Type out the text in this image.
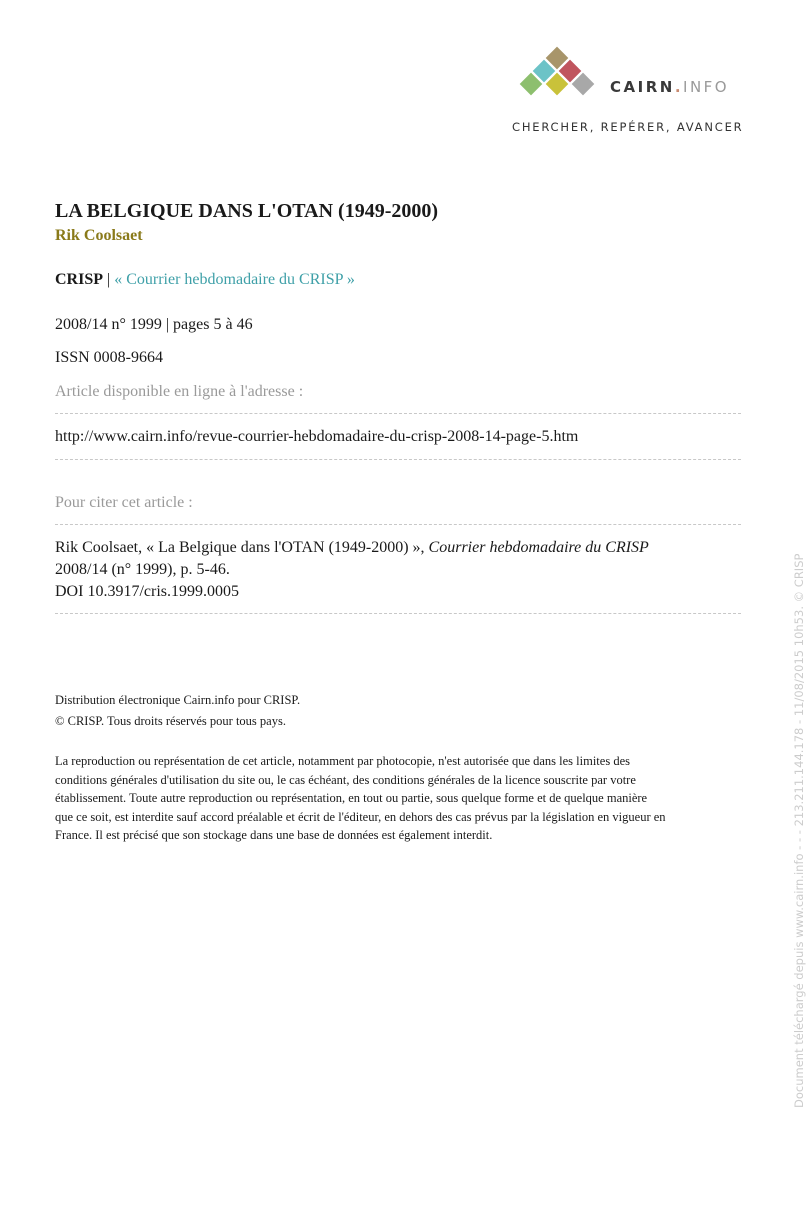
CAIRN.INFO
CHERCHER, REPÉRER, AVANCER
LA BELGIQUE DANS L'OTAN (1949-2000)
Rik Coolsaet
CRISP | « Courrier hebdomadaire du CRISP »
2008/14 n° 1999 | pages 5 à 46
ISSN 0008-9664
Article disponible en ligne à l'adresse :
http://www.cairn.info/revue-courrier-hebdomadaire-du-crisp-2008-14-page-5.htm
Pour citer cet article :
Rik Coolsaet, « La Belgique dans l'OTAN (1949-2000) », Courrier hebdomadaire du CRISP
2008/14 (n° 1999), p. 5-46.
DOI 10.3917/cris.1999.0005
Distribution électronique Cairn.info pour CRISP.
© CRISP. Tous droits réservés pour tous pays.
La reproduction ou représentation de cet article, notamment par photocopie, n'est autorisée que dans les limites des
conditions générales d'utilisation du site ou, le cas échéant, des conditions générales de la licence souscrite par votre
établissement. Toute autre reproduction ou représentation, en tout ou partie, sous quelque forme et de quelque manière
que ce soit, est interdite sauf accord préalable et écrit de l'éditeur, en dehors des cas prévus par la législation en vigueur en
France. Il est précisé que son stockage dans une base de données est également interdit.	Document téléchargé depuis www.cairn.info - - - 213.211.144.178 - 11/08/2015 10h53. © CRISP
